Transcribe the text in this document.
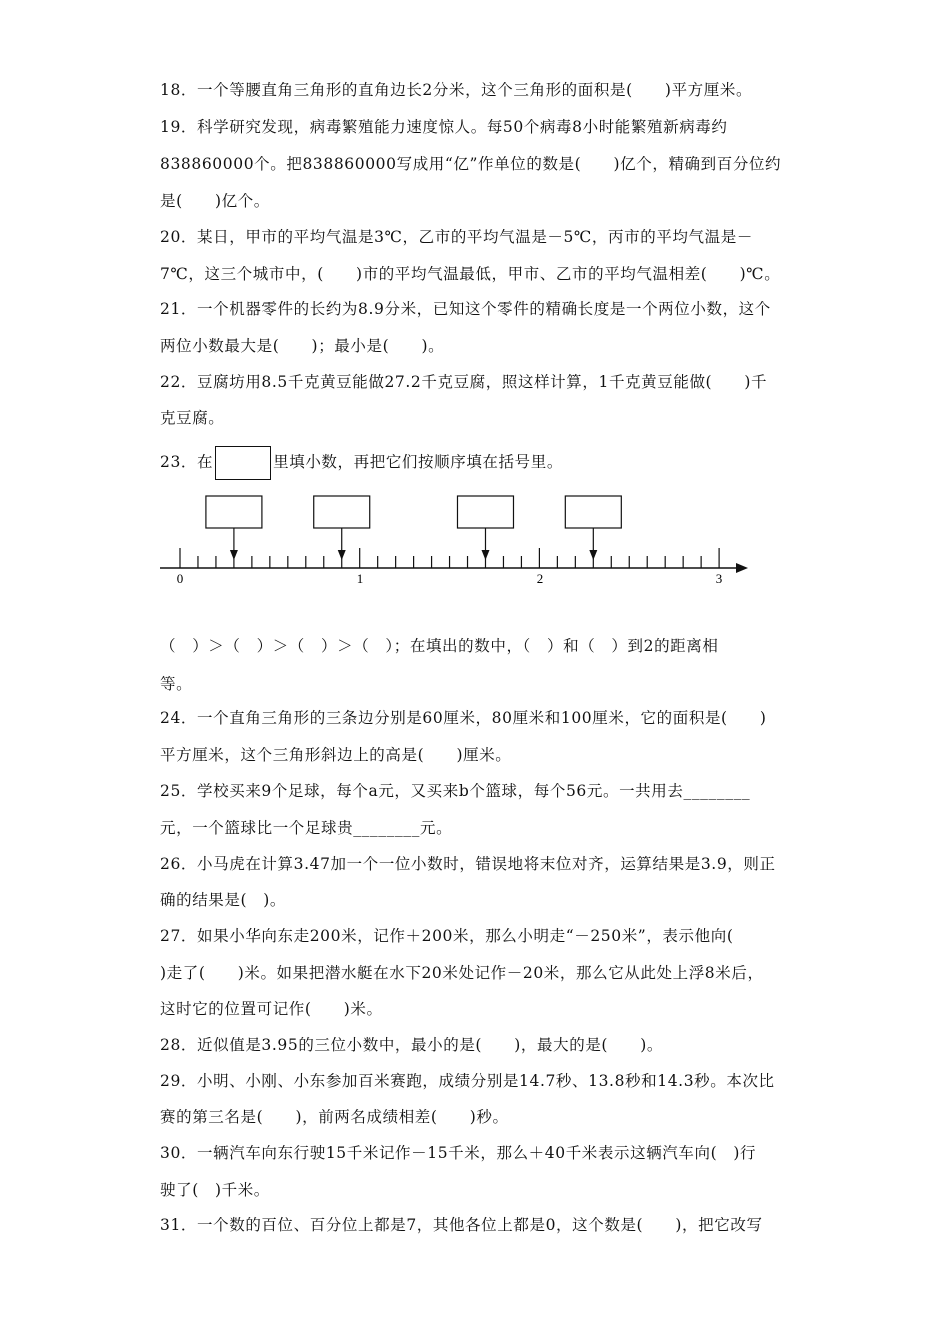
18．一个等腰直角三角形的直角边长2分米，这个三角形的面积是(　　)平方厘米。
19．科学研究发现，病毒繁殖能力速度惊人。每50个病毒8小时能繁殖新病毒约
838860000个。把838860000写成用“亿”作单位的数是(　　)亿个，精确到百分位约
是(　　)亿个。
20．某日，甲市的平均气温是3℃，乙市的平均气温是－5℃，丙市的平均气温是－
7℃，这三个城市中，(　　)市的平均气温最低，甲市、乙市的平均气温相差(　　)℃。
21．一个机器零件的长约为8.9分米，已知这个零件的精确长度是一个两位小数，这个
两位小数最大是(　　)；最小是(　　)。
22．豆腐坊用8.5千克黄豆能做27.2千克豆腐，照这样计算，1千克黄豆能做(　　)千
克豆腐。
23．在	里填小数，再把它们按顺序填在括号里。
0	1	2	3
（　）＞（　）＞（　）＞（　）；在填出的数中，（　）和（　）到2的距离相
等。
24．一个直角三角形的三条边分别是60厘米，80厘米和100厘米，它的面积是(　　)
平方厘米，这个三角形斜边上的高是(　　)厘米。
25．学校买来9个足球，每个a元，又买来b个篮球，每个56元。一共用去________
元，一个篮球比一个足球贵________元。
26．小马虎在计算3.47加一个一位小数时，错误地将末位对齐，运算结果是3.9，则正
确的结果是(　)。
27．如果小华向东走200米，记作＋200米，那么小明走“－250米”，表示他向(
)走了(　　)米。如果把潜水艇在水下20米处记作－20米，那么它从此处上浮8米后，
这时它的位置可记作(　　)米。
28．近似值是3.95的三位小数中，最小的是(　　)，最大的是(　　)。
29．小明、小刚、小东参加百米赛跑，成绩分别是14.7秒、13.8秒和14.3秒。本次比
赛的第三名是(　　)，前两名成绩相差(　　)秒。
30．一辆汽车向东行驶15千米记作－15千米，那么＋40千米表示这辆汽车向(　)行
驶了(　)千米。
31．一个数的百位、百分位上都是7，其他各位上都是0，这个数是(　　)，把它改写
